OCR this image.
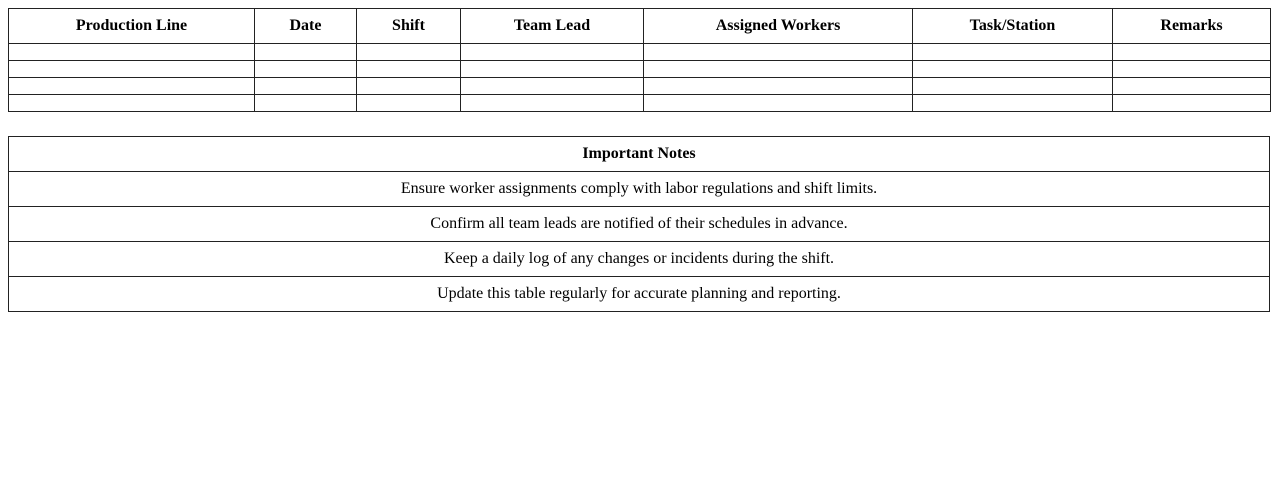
Production Line	Date	Shift	Team Lead	Assigned Workers	Task/Station	Remarks

Important Notes
Ensure worker assignments comply with labor regulations and shift limits.
Confirm all team leads are notified of their schedules in advance.
Keep a daily log of any changes or incidents during the shift.
Update this table regularly for accurate planning and reporting.
